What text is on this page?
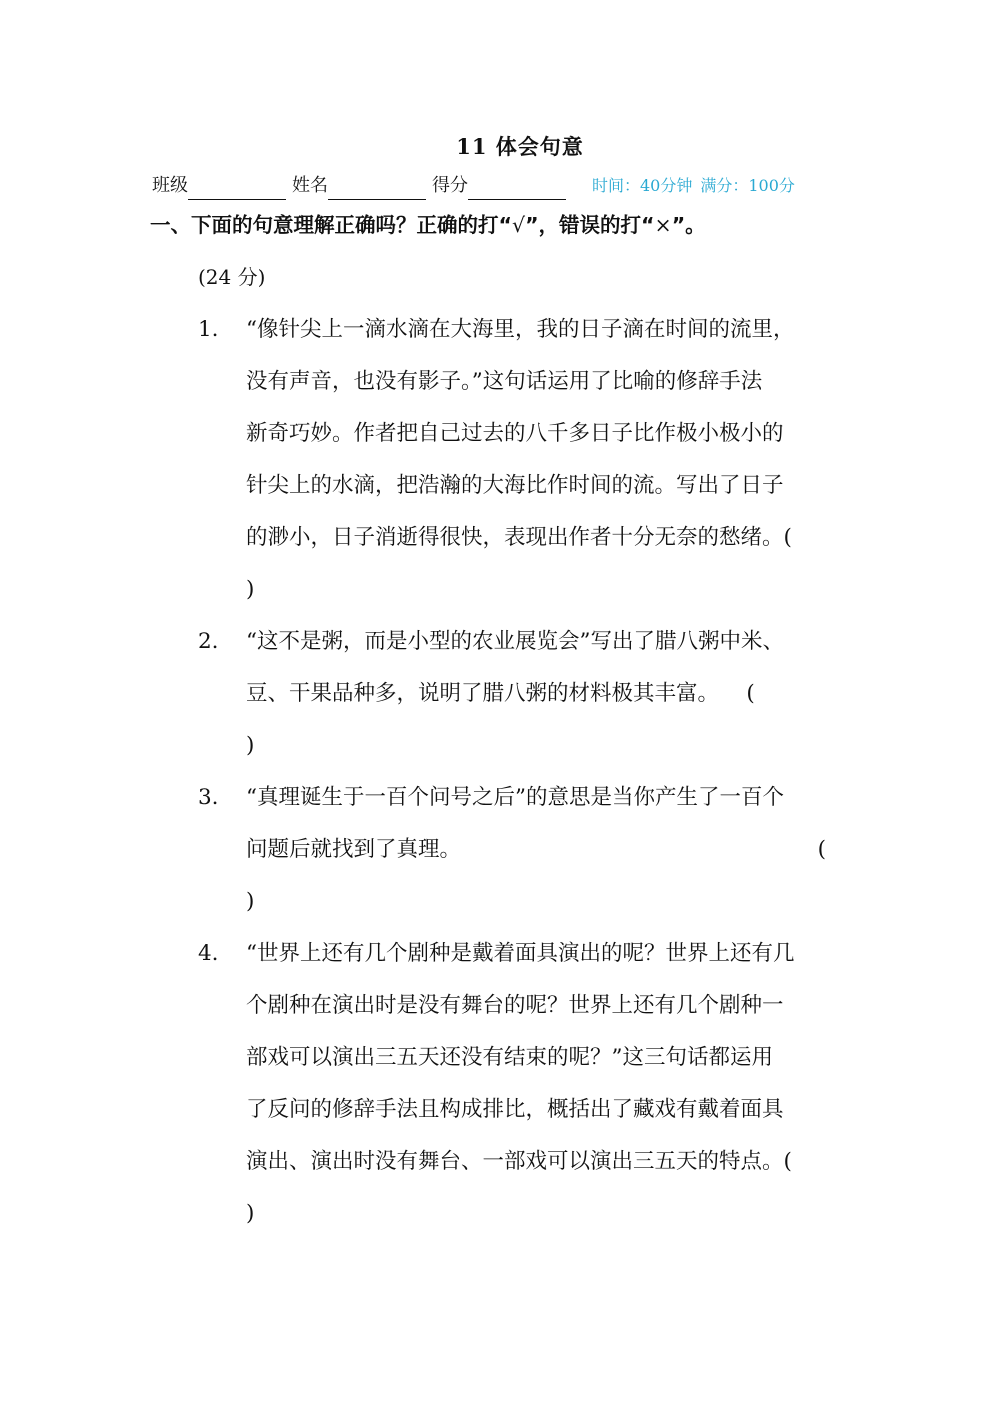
11 体会句意
班级	姓名	得分	时间：40分钟 满分：100分
一、下面的句意理解正确吗？正确的打“√”，错误的打“×”。
(24 分)
1.	“像针尖上一滴水滴在大海里，我的日子滴在时间的流里，
没有声音，也没有影子。”这句话运用了比喻的修辞手法
新奇巧妙。作者把自己过去的八千多日子比作极小极小的
针尖上的水滴，把浩瀚的大海比作时间的流。写出了日子
的渺小，日子消逝得很快，表现出作者十分无奈的愁绪。(
)
2.	“这不是粥，而是小型的农业展览会”写出了腊八粥中米、
豆、干果品种多，说明了腊八粥的材料极其丰富。    (
)
3.	“真理诞生于一百个问号之后”的意思是当你产生了一百个
问题后就找到了真理。	(
)
4.	“世界上还有几个剧种是戴着面具演出的呢？世界上还有几
个剧种在演出时是没有舞台的呢？世界上还有几个剧种一
部戏可以演出三五天还没有结束的呢？”这三句话都运用
了反问的修辞手法且构成排比，概括出了藏戏有戴着面具
演出、演出时没有舞台、一部戏可以演出三五天的特点。(
)
